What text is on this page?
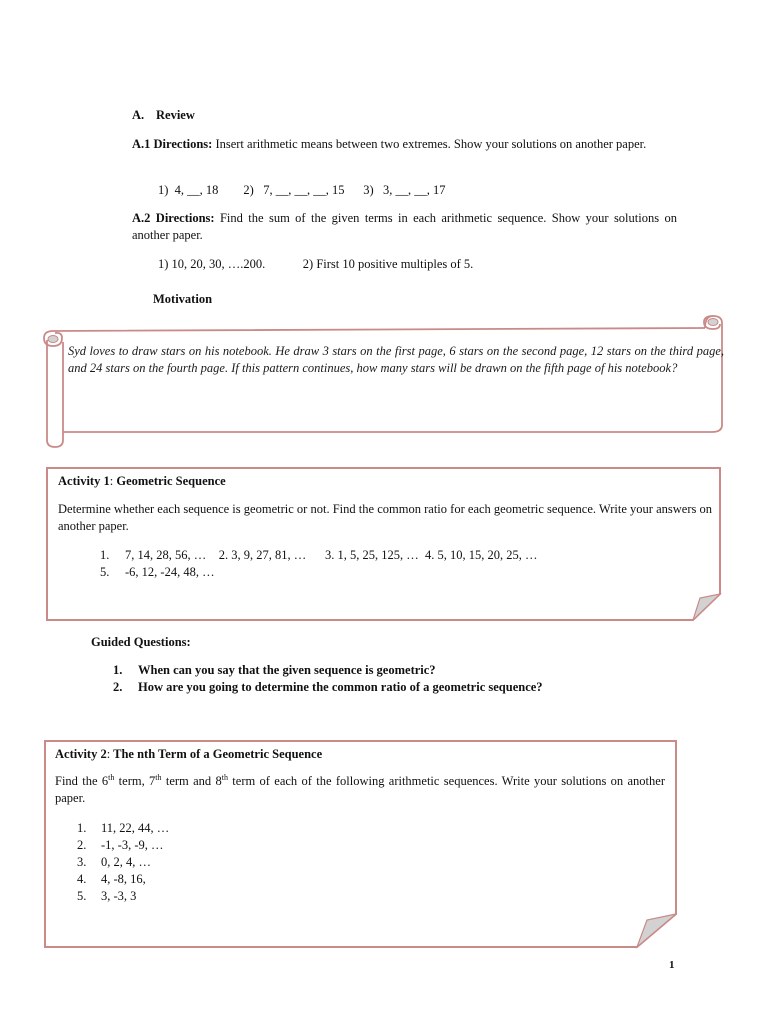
A. Review
A.1 Directions: Insert arithmetic means between two extremes. Show your solutions on another paper.
1)  4, __, 18        2)   7, __, __, __, 15      3)   3, __, __, 17
A.2 Directions: Find the sum of the given terms in each arithmetic sequence. Show your solutions on another paper.
1) 10, 20, 30, ….200.            2) First 10 positive multiples of 5.
Motivation
Syd loves to draw stars on his notebook. He draw 3 stars on the first page, 6 stars on the second page, 12 stars on the third page, and 24 stars on the fourth page. If this pattern continues, how many stars will be drawn on the fifth page of his notebook?
Activity 1: Geometric Sequence
Determine whether each sequence is geometric or not. Find the common ratio for each geometric sequence. Write your answers on another paper.
1. 7, 14, 28, 56, …    2. 3, 9, 27, 81, …      3. 1, 5, 25, 125, …  4. 5, 10, 15, 20, 25, …
5. -6, 12, -24, 48, …
Guided Questions:
1. When can you say that the given sequence is geometric?
2. How are you going to determine the common ratio of a geometric sequence?
Activity 2: The nth Term of a Geometric Sequence
Find the 6th term, 7th term and 8th term of each of the following arithmetic sequences. Write your solutions on another paper.
1. 11, 22, 44, …
2. -1, -3, -9, …
3. 0, 2, 4, …
4. 4, -8, 16,
5. 3, -3, 3
1
